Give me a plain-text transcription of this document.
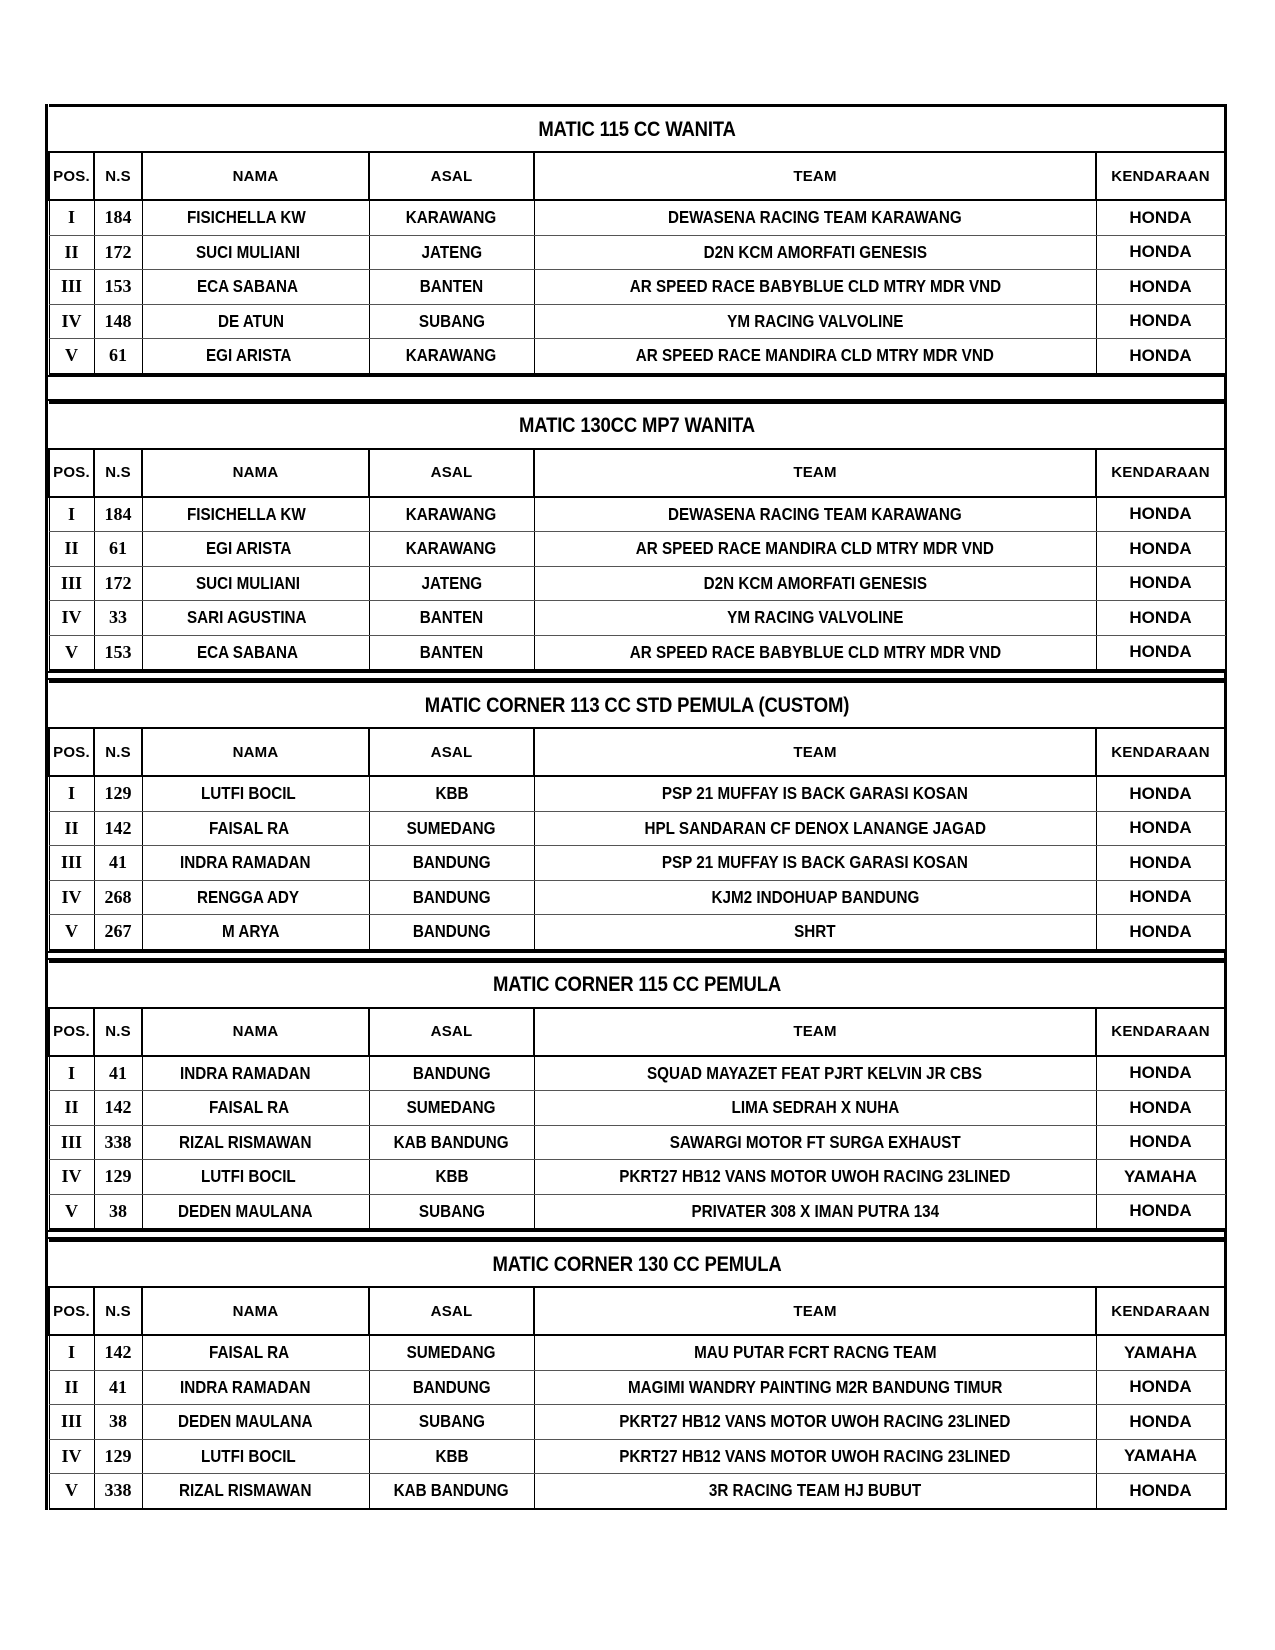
MATIC 115 CC WANITA					
POS.	N.S	NAMA	ASAL	TEAM	KENDARAAN
I	184	FISICHELLA KW	KARAWANG	DEWASENA RACING TEAM KARAWANG	HONDA
II	172	SUCI MULIANI	JATENG	D2N KCM AMORFATI GENESIS	HONDA
III	153	ECA SABANA	BANTEN	AR SPEED RACE BABYBLUE CLD MTRY MDR VND	HONDA
IV	148	DE ATUN	SUBANG	YM RACING VALVOLINE	HONDA
V	61	EGI ARISTA	KARAWANG	AR SPEED RACE MANDIRA CLD MTRY MDR VND	HONDA
MATIC 130CC MP7 WANITA					
POS.	N.S	NAMA	ASAL	TEAM	KENDARAAN
I	184	FISICHELLA KW	KARAWANG	DEWASENA RACING TEAM KARAWANG	HONDA
II	61	EGI ARISTA	KARAWANG	AR SPEED RACE MANDIRA CLD MTRY MDR VND	HONDA
III	172	SUCI MULIANI	JATENG	D2N KCM AMORFATI GENESIS	HONDA
IV	33	SARI AGUSTINA	BANTEN	YM RACING VALVOLINE	HONDA
V	153	ECA SABANA	BANTEN	AR SPEED RACE BABYBLUE CLD MTRY MDR VND	HONDA
MATIC CORNER 113 CC STD PEMULA (CUSTOM)					
POS.	N.S	NAMA	ASAL	TEAM	KENDARAAN
I	129	LUTFI BOCIL	KBB	PSP 21 MUFFAY IS BACK GARASI KOSAN	HONDA
II	142	FAISAL RA	SUMEDANG	HPL SANDARAN CF DENOX LANANGE JAGAD	HONDA
III	41	INDRA RAMADAN	BANDUNG	PSP 21 MUFFAY IS BACK GARASI KOSAN	HONDA
IV	268	RENGGA ADY	BANDUNG	KJM2 INDOHUAP BANDUNG	HONDA
V	267	M ARYA	BANDUNG	SHRT	HONDA
MATIC CORNER 115 CC PEMULA					
POS.	N.S	NAMA	ASAL	TEAM	KENDARAAN
I	41	INDRA RAMADAN	BANDUNG	SQUAD MAYAZET FEAT PJRT KELVIN JR CBS	HONDA
II	142	FAISAL RA	SUMEDANG	LIMA SEDRAH X NUHA	HONDA
III	338	RIZAL RISMAWAN	KAB BANDUNG	SAWARGI MOTOR FT SURGA EXHAUST	HONDA
IV	129	LUTFI BOCIL	KBB	PKRT27 HB12 VANS MOTOR UWOH RACING 23LINED	YAMAHA
V	38	DEDEN MAULANA	SUBANG	PRIVATER 308 X IMAN PUTRA 134	HONDA
MATIC CORNER 130 CC PEMULA					
POS.	N.S	NAMA	ASAL	TEAM	KENDARAAN
I	142	FAISAL RA	SUMEDANG	MAU PUTAR FCRT RACNG TEAM	YAMAHA
II	41	INDRA RAMADAN	BANDUNG	MAGIMI WANDRY PAINTING M2R BANDUNG TIMUR	HONDA
III	38	DEDEN MAULANA	SUBANG	PKRT27 HB12 VANS MOTOR UWOH RACING 23LINED	HONDA
IV	129	LUTFI BOCIL	KBB	PKRT27 HB12 VANS MOTOR UWOH RACING 23LINED	YAMAHA
V	338	RIZAL RISMAWAN	KAB BANDUNG	3R RACING TEAM HJ BUBUT	HONDA
